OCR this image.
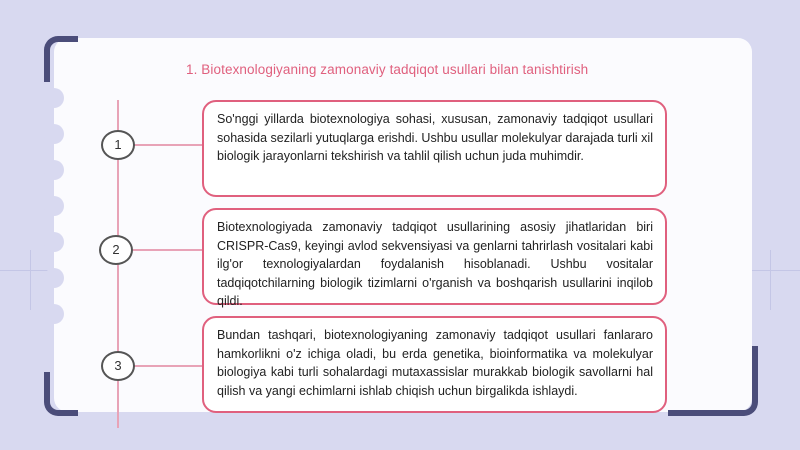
1. Biotexnologiyaning zamonaviy tadqiqot usullari bilan tanishtirish
1
2
3
So'nggi yillarda biotexnologiya sohasi, xususan, zamonaviy tadqiqot usullari sohasida sezilarli yutuqlarga erishdi. Ushbu usullar molekulyar darajada turli xil biologik jarayonlarni tekshirish va tahlil qilish uchun juda muhimdir.
Biotexnologiyada zamonaviy tadqiqot usullarining asosiy jihatlaridan biri CRISPR-Cas9, keyingi avlod sekvensiyasi va genlarni tahrirlash vositalari kabi ilg'or texnologiyalardan foydalanish hisoblanadi. Ushbu vositalar tadqiqotchilarning biologik tizimlarni o'rganish va boshqarish usullarini inqilob qildi.
Bundan tashqari, biotexnologiyaning zamonaviy tadqiqot usullari fanlararo hamkorlikni o'z ichiga oladi, bu erda genetika, bioinformatika va molekulyar biologiya kabi turli sohalardagi mutaxassislar murakkab biologik savollarni hal qilish va yangi echimlarni ishlab chiqish uchun birgalikda ishlaydi.
